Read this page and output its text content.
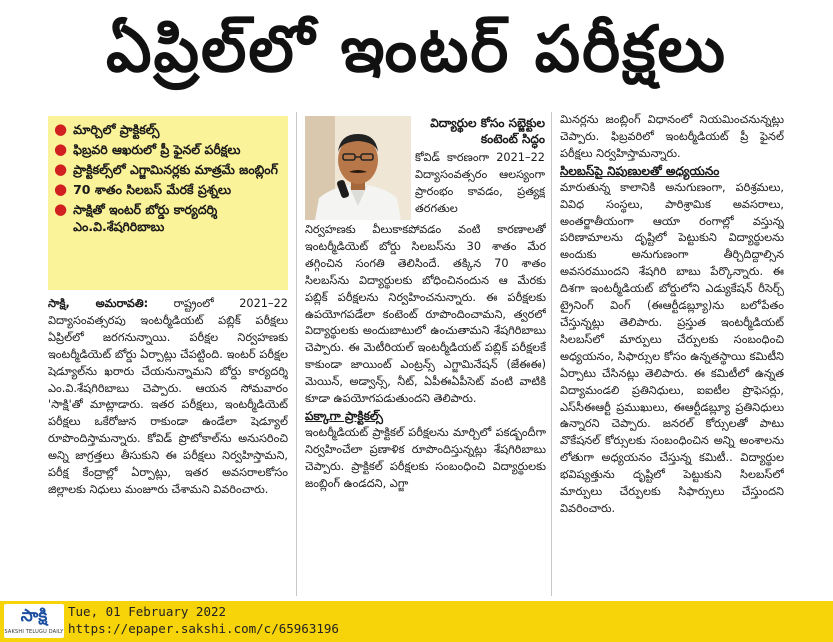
ఏప్రిల్‌లో ఇంటర్‌ పరీక్షలు
● మార్చిలో ప్రాక్టికల్స్‌
● ఫిబ్రవరి ఆఖరులో ప్రీ ఫైనల్‌ పరీక్షలు
● ప్రాక్టికల్స్‌లో ఎగ్జామినర్లకు మాత్రమే జంబ్లింగ్‌
● 70 శాతం సిలబస్‌ మేరకే ప్రశ్నలు
● సాక్షితో ఇంటర్‌ బోర్డు కార్యదర్శి ఎం.వి.శేషగిరిబాబు

సాక్షి, అమరావతి: రాష్ట్రంలో 2021–22 విద్యాసంవత్సరపు ఇంటర్మీడియట్‌ పబ్లిక్‌ పరీక్షలు ఏప్రిల్‌లో జరగనున్నాయి. పరీక్షల నిర్వహణకు ఇంటర్మీడియెట్‌ బోర్డు ఏర్పాట్లు చేపట్టింది. ఇంటర్‌ పరీక్షల షెడ్యూల్‌ను ఖరారు చేయనున్నామని బోర్డు కార్యదర్శి ఎం.వి.శేషగిరిబాబు చెప్పారు. ఆయన సోమవారం 'సాక్షి'తో మాట్లాడారు. ఇతర పరీక్షలు, ఇంటర్మీడియెట్‌ పరీక్షలు ఒకేరోజున రాకుండా ఉండేలా షెడ్యూల్‌ రూపొందిస్తామన్నారు. కోవిడ్‌ ప్రొటోకాల్‌ను అనుసరించి అన్ని జాగ్రత్తలు తీసుకుని ఈ పరీక్షలు నిర్వహిస్తామని, పరీక్ష కేంద్రాల్లో ఏర్పాట్లు, ఇతర అవసరాలకోసం జిల్లాలకు నిధులు మంజూరు చేశామని వివరించారు.

విద్యార్థుల కోసం సబ్జెక్టుల కంటెంట్‌ సిద్ధం

కోవిడ్‌ కారణంగా 2021–22 విద్యాసంవత్సరం ఆలస్యంగా ప్రారంభం కావడం, ప్రత్యక్ష తరగతుల

నిర్వహణకు వీలుకాకపోవడం వంటి కారణాలతో ఇంటర్మీడియెట్‌ బోర్డు సిలబస్‌ను 30 శాతం మేర తగ్గించిన సంగతి తెలిసిందే. తక్కిన 70 శాతం సిలబస్‌ను విద్యార్థులకు బోధించినందున ఆ మేరకు పబ్లిక్‌ పరీక్షలను నిర్వహించనున్నారు. ఈ పరీక్షలకు ఉపయోగపడేలా కంటెంట్‌ రూపొందించామని, త్వరలో విద్యార్థులకు అందుబాటులో ఉంచుతామని శేషగిరిబాబు చెప్పారు. ఈ మెటీరియల్‌ ఇంటర్మీడియట్‌ పబ్లిక్‌ పరీక్షలకే కాకుండా జాయింట్‌ ఎంట్రన్స్‌ ఎగ్జామినేషన్‌ (జేఈఈ) మెయిన్‌, అడ్వాన్స్‌, నీట్‌, ఏపీఈఏపీసెట్‌ వంటి వాటికి కూడా ఉపయోగపడుతుందని తెలిపారు.

పక్కాగా ప్రాక్టికల్స్‌

ఇంటర్మీడియట్‌ ప్రాక్టికల్‌ పరీక్షలను మార్చిలో పకడ్బందీగా నిర్వహించేలా ప్రణాళిక రూపొందిస్తున్నట్లు శేషగిరిబాబు చెప్పారు. ప్రాక్టికల్‌ పరీక్షలకు సంబంధించి విద్యార్థులకు జంబ్లింగ్‌ ఉండదని, ఎగ్జా

మినర్లను జంబ్లింగ్‌ విధానంలో నియమించనున్నట్లు చెప్పారు. ఫిబ్రవరిలో ఇంటర్మీడియట్‌ ప్రీ ఫైనల్‌ పరీక్షలు నిర్వహిస్తామన్నారు.

సిలబస్‌పై నిపుణులతో అధ్యయనం

మారుతున్న కాలానికి అనుగుణంగా, పరిశ్రమలు, వివిధ సంస్థలు, పారిశ్రామిక అవసరాలు, అంతర్జాతీయంగా ఆయా రంగాల్లో వస్తున్న పరిణామాలను దృష్టిలో పెట్టుకుని విద్యార్థులను అందుకు అనుగుణంగా తీర్చిదిద్దాల్సిన అవసరముందని శేషగిరి బాబు పేర్కొన్నారు. ఈ దిశగా ఇంటర్మీడియట్‌ బోర్డులోని ఎడ్యుకేషన్‌ రీసెర్చ్‌ ట్రైనింగ్‌ వింగ్‌ (ఈఆర్టీడబ్ల్యూ)ను బలోపేతం చేస్తున్నట్లు తెలిపారు. ప్రస్తుత ఇంటర్మీడియట్‌ సిలబస్‌లో మార్పులు చేర్పులకు సంబంధించి అధ్యయనం, సిఫార్సుల కోసం ఉన్నతస్థాయి కమిటీని ఏర్పాటు చేసినట్లు తెలిపారు. ఈ కమిటీలో ఉన్నత విద్యామండలి ప్రతినిధులు, ఐఐటీల ప్రొఫెసర్లు, ఎస్‌సీఈఆర్టీ ప్రముఖులు, ఈఆర్టీడబ్ల్యూ ప్రతినిధులు ఉన్నారని చెప్పారు. జనరల్‌ కోర్సులతో పాటు వొకేషనల్‌ కోర్సులకు సంబంధించిన అన్ని అంశాలను లోతుగా అధ్యయనం చేస్తున్న కమిటీ.. విద్యార్థుల భవిష్యత్తును దృష్టిలో పెట్టుకుని సిలబస్‌లో మార్పులు చేర్పులకు సిఫార్సులు చేస్తుందని వివరించారు.

సాక్షి
SAKSHI TELUGU DAILY
Tue, 01 February 2022
https://epaper.sakshi.com/c/65963196
